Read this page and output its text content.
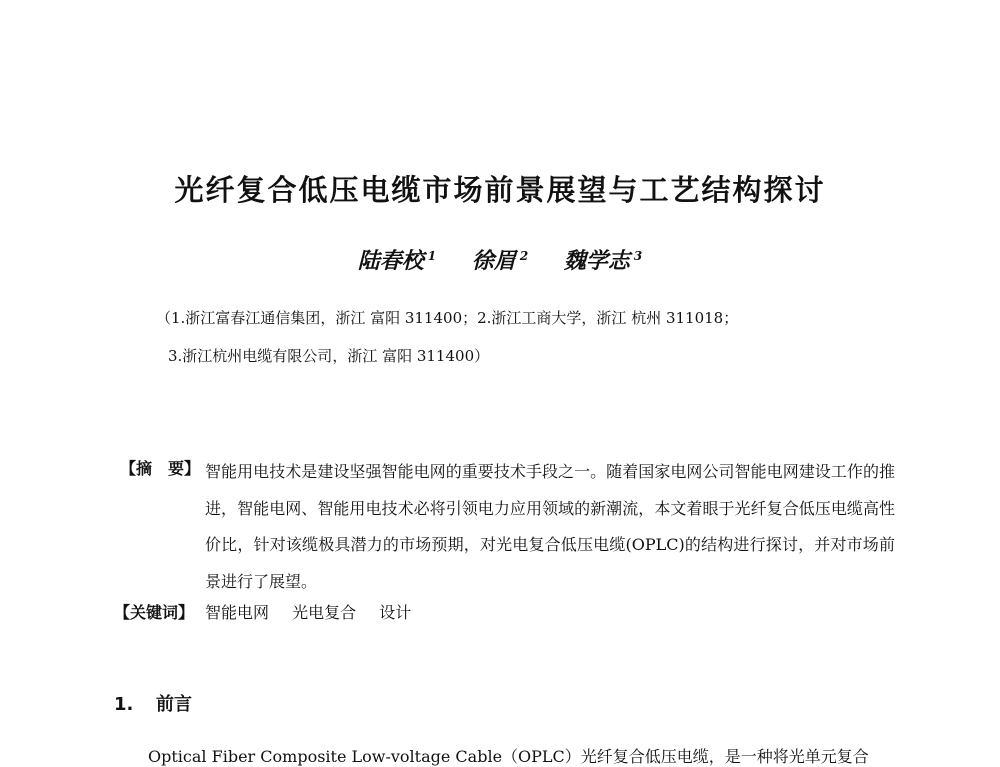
光纤复合低压电缆市场前景展望与工艺结构探讨

陆春校 $^1$ 徐眉 $^2$ 魏学志 $^3$

（1.浙江富春江通信集团，浙江 富阳 311400；2.浙江工商大学，浙江 杭州 311018；

3.浙江杭州电缆有限公司，浙江 富阳 311400）

【摘　要】 智能用电技术是建设坚强智能电网的重要技术手段之一。随着国家电网公司智能电网建设工作的推进，智能电网、智能用电技术必将引领电力应用领域的新潮流，本文着眼于光纤复合低压电缆高性价比，针对该缆极具潜力的市场预期，对光电复合低压电缆(OPLC)的结构进行探讨，并对市场前景进行了展望。

【关键词】 智能电网 光电复合 设计

1. 前言

Optical Fiber Composite Low-voltage Cable（OPLC）光纤复合低压电缆，是一种将光单元复合
